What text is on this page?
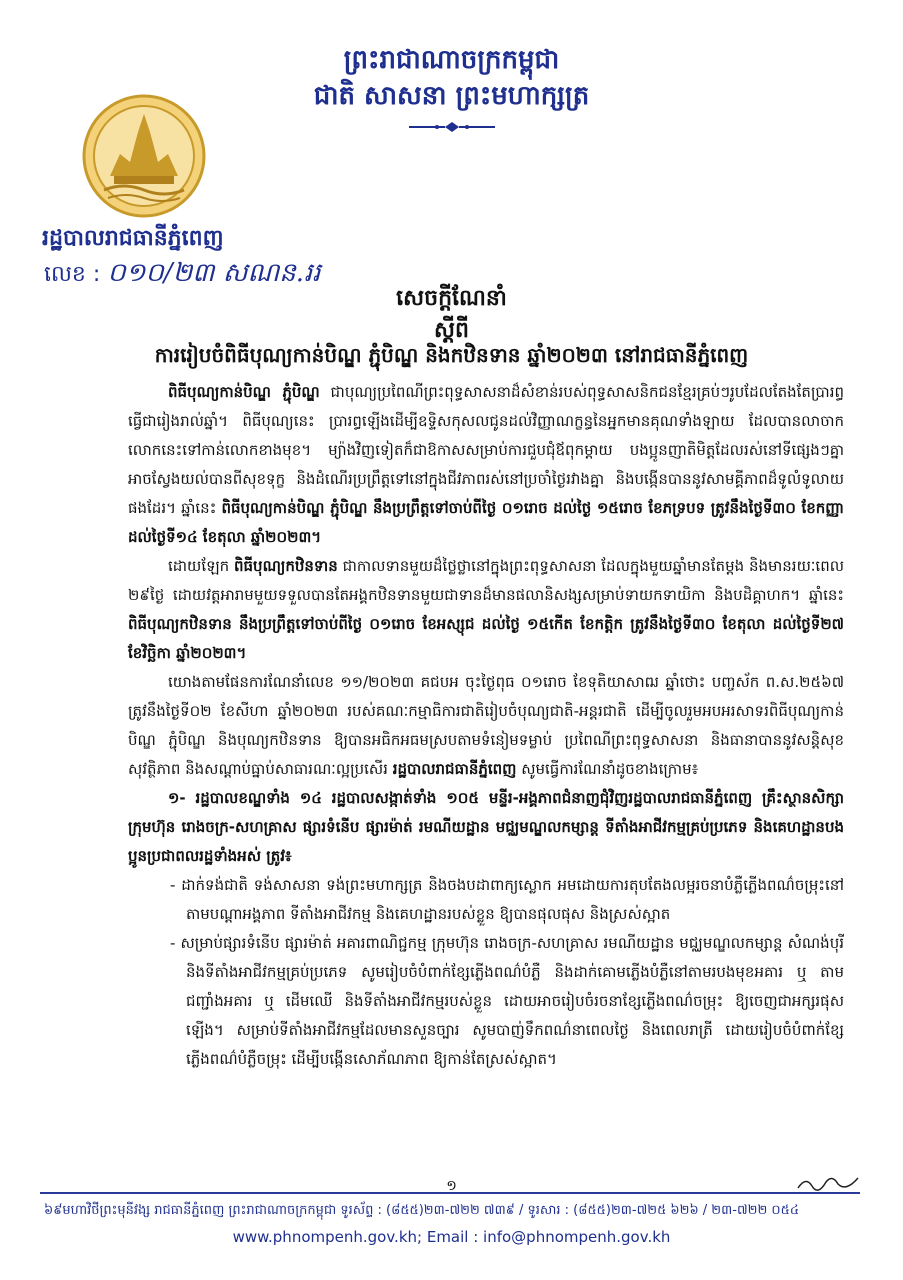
ព្រះរាជាណាចក្រកម្ពុជា
ជាតិ សាសនា ព្រះមហាក្សត្រ
រដ្ឋបាលរាជធានីភ្នំពេញ
លេខ : ០១០/២៣ សណន.ររ
សេចក្តីណែនាំ
ស្តីពី
ការរៀបចំពិធីបុណ្យកាន់បិណ្ឌ ភ្ជុំបិណ្ឌ និងកឋិនទាន ឆ្នាំ២០២៣ នៅរាជធានីភ្នំពេញ

ពិធីបុណ្យកាន់បិណ្ឌ ភ្ជុំបិណ្ឌ ជាបុណ្យប្រពៃណីព្រះពុទ្ធសាសនាដ៏សំខាន់របស់ពុទ្ធសាសនិកជនខ្មែរគ្រប់ៗរូបដែលតែងតែប្រារព្ធធ្វើជារៀងរាល់ឆ្នាំ។ ពិធីបុណ្យនេះ ប្រារព្ធឡើងដើម្បីឧទ្ទិសកុសលជូនដល់វិញ្ញាណក្ខន្ធនៃអ្នកមានគុណទាំងឡាយ ដែលបានលាចាកលោកនេះទៅកាន់លោកខាងមុខ។ ម្យ៉ាងវិញទៀតក៏ជាឱកាសសម្រាប់ការជួបជុំឪពុកម្តាយ បងប្អូនញាតិមិត្តដែលរស់នៅទីផ្សេងៗគ្នា អាចស្វែងយល់បានពីសុខទុក្ខ និងដំណើរប្រព្រឹត្តទៅនៅក្នុងជីវភាពរស់នៅប្រចាំថ្ងៃរវាងគ្នា និងបង្កើនបាននូវសាមគ្គីភាពដ៏ទូលំទូលាយផងដែរ។ ឆ្នាំនេះ ពិធីបុណ្យកាន់បិណ្ឌ ភ្ជុំបិណ្ឌ នឹងប្រព្រឹត្តទៅចាប់ពីថ្ងៃ ០១រោច ដល់ថ្ងៃ ១៥រោច ខែភទ្របទ ត្រូវនឹងថ្ងៃទី៣០ ខែកញ្ញា ដល់ថ្ងៃទី១៤ ខែតុលា ឆ្នាំ២០២៣។

ដោយឡែក ពិធីបុណ្យកឋិនទាន ជាកាលទានមួយដ៏ថ្លៃថ្លានៅក្នុងព្រះពុទ្ធសាសនា ដែលក្នុងមួយឆ្នាំមានតែម្តង និងមានរយៈពេល ២៩ថ្ងៃ ដោយវត្តអារាមមួយទទួលបានតែអង្គកឋិនទានមួយជាទានដ៏មានផលានិសង្សសម្រាប់ទាយកទាយិកា និងបដិគ្គាហក។ ឆ្នាំនេះ ពិធីបុណ្យកឋិនទាន នឹងប្រព្រឹត្តទៅចាប់ពីថ្ងៃ ០១រោច ខែអស្សុជ ដល់ថ្ងៃ ១៥កើត ខែកត្តិក ត្រូវនឹងថ្ងៃទី៣០ ខែតុលា ដល់ថ្ងៃទី២៧ ខែវិច្ឆិកា ឆ្នាំ២០២៣។

យោងតាមផែនការណែនាំលេខ ១១/២០២៣ គជបអ ចុះថ្ងៃពុធ ០១រោច ខែទុតិយាសាឍ ឆ្នាំថោះ បញ្ចស័ក ព.ស.២៥៦៧ ត្រូវនឹងថ្ងៃទី០២ ខែសីហា ឆ្នាំ២០២៣ របស់គណៈកម្មាធិការជាតិរៀបចំបុណ្យជាតិ-អន្តរជាតិ ដើម្បីចូលរួមអបអរសាទរពិធីបុណ្យកាន់បិណ្ឌ ភ្ជុំបិណ្ឌ និងបុណ្យកឋិនទាន ឱ្យបានអធិកអធមស្របតាមទំនៀមទម្លាប់ ប្រពៃណីព្រះពុទ្ធសាសនា និងធានាបាននូវសន្តិសុខ សុវត្ថិភាព និងសណ្តាប់ធ្នាប់សាធារណៈល្អប្រសើរ រដ្ឋបាលរាជធានីភ្នំពេញ សូមធ្វើការណែនាំដូចខាងក្រោម៖

១- រដ្ឋបាលខណ្ឌទាំង ១៤ រដ្ឋបាលសង្កាត់ទាំង ១០៥ មន្ទីរ-អង្គភាពជំនាញជុំវិញរដ្ឋបាលរាជធានីភ្នំពេញ គ្រឹះស្ថានសិក្សា ក្រុមហ៊ុន រោងចក្រ-សហគ្រាស ផ្សារទំនើប ផ្សារម៉ាត់ រមណីយដ្ឋាន មជ្ឈមណ្ឌលកម្សាន្ត ទីតាំងអាជីវកម្មគ្រប់ប្រភេទ និងគេហដ្ឋានបងប្អូនប្រជាពលរដ្ឋទាំងអស់ ត្រូវ៖

- ដាក់ទង់ជាតិ ទង់សាសនា ទង់ព្រះមហាក្សត្រ និងចងបដាពាក្យស្លោក អមដោយការតុបតែងលម្អរចនាបំភ្លឺភ្លើងពណ៌ចម្រុះនៅតាមបណ្តាអង្គភាព ទីតាំងអាជីវកម្ម និងគេហដ្ឋានរបស់ខ្លួន ឱ្យបានផុលផុស និងស្រស់ស្អាត

- សម្រាប់ផ្សារទំនើប ផ្សារម៉ាត់ អគារពាណិជ្ជកម្ម ក្រុមហ៊ុន រោងចក្រ-សហគ្រាស រមណីយដ្ឋាន មជ្ឈមណ្ឌលកម្សាន្ត សំណង់បុរី និងទីតាំងអាជីវកម្មគ្រប់ប្រភេទ សូមរៀបចំបំពាក់ខ្សែភ្លើងពណ៌បំភ្លឺ និងដាក់គោមភ្លើងបំភ្លឺនៅតាមរបងមុខអគារ ឬ តាមជញ្ជាំងអគារ ឬ ដើមឈើ និងទីតាំងអាជីវកម្មរបស់ខ្លួន ដោយអាចរៀបចំរចនាខ្សែភ្លើងពណ៌ចម្រុះ ឱ្យចេញជាអក្សរផុសឡើង។ សម្រាប់ទីតាំងអាជីវកម្មដែលមានសួនច្បារ សូមបាញ់ទឹកពណ៌នាពេលថ្ងៃ និងពេលរាត្រី ដោយរៀបចំបំពាក់ខ្សែភ្លើងពណ៌បំភ្លឺចម្រុះ ដើម្បីបង្កើនសោភ័ណភាព ឱ្យកាន់តែស្រស់ស្អាត។

១
៦៩មហាវិថីព្រះមុនីវង្ស រាជធានីភ្នំពេញ ព្រះរាជាណាចក្រកម្ពុជា ទូរស័ព្ទ : (៨៥៥)២៣-៧២២ ៧៣៩ / ទូរសារ : (៨៥៥)២៣-៧២៥ ៦២៦ / ២៣-៧២២ ០៥៤
www.phnompenh.gov.kh; Email : info@phnompenh.gov.kh
